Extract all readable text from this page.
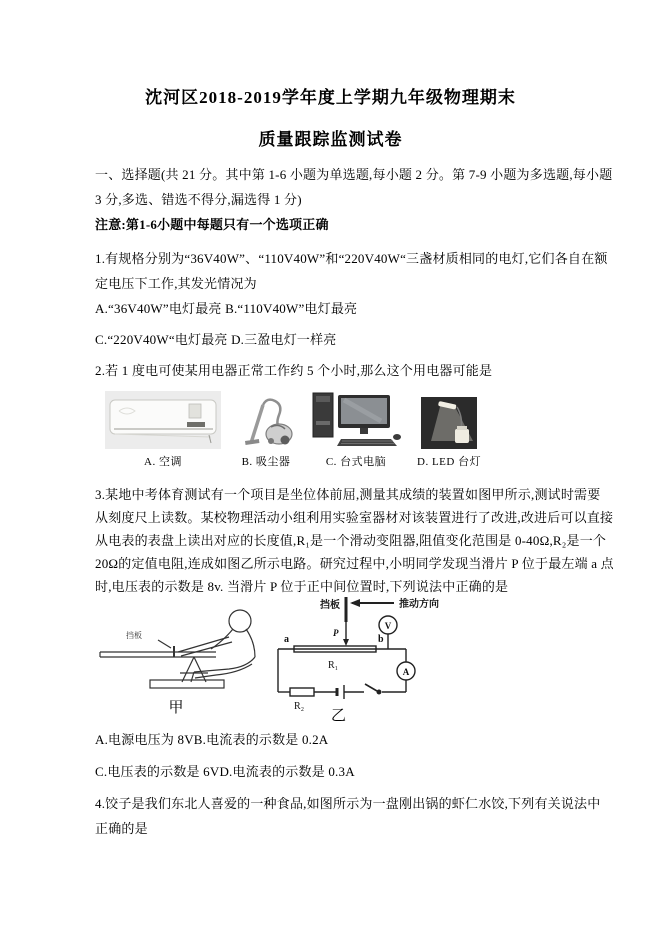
沈河区2018-2019学年度上学期九年级物理期末
质量跟踪监测试卷
一、选择题(共 21 分。其中第 1-6 小题为单选题,每小题 2 分。第 7-9 小题为多选题,每小题
3 分,多选、错选不得分,漏选得 1 分)
注意:第1-6小题中每题只有一个选项正确
1.有规格分别为“36V40W”、“110V40W”和“220V40W“三盏材质相同的电灯,它们各自在额
定电压下工作,其发光情况为
A.“36V40W”电灯最亮 B.“110V40W”电灯最亮
C.“220V40W“电灯最亮 D.三盈电灯一样亮
2.若 1 度电可使某用电器正常工作约 5 个小时,那么这个用电器可能是
A. 空调	B. 吸尘器	C. 台式电脑	D. LED 台灯
3.某地中考体育测试有一个项目是坐位体前屈,测量其成绩的装置如图甲所示,测试时需要
从刻度尺上读数。某校物理活动小组利用实验室器材对该装置进行了改进,改进后可以直接
从电表的表盘上读出对应的长度值,R₁是一个滑动变阻器,阻值变化范围是 0-40Ω,R₂是一个
20Ω的定值电阻,连成如图乙所示电路。研究过程中,小明同学发现当滑片 P 位于最左端 a 点
时,电压表的示数是 8v. 当滑片 P 位于正中间位置时,下列说法中正确的是
挡板
甲
挡板	推动方向
P
a	b
R₁
R₂
V
A
乙
A.电源电压为 8VB.电流表的示数是 0.2A
C.电压表的示数是 6VD.电流表的示数是 0.3A
4.饺子是我们东北人喜爱的一种食品,如图所示为一盘刚出锅的虾仁水饺,下列有关说法中
正确的是
